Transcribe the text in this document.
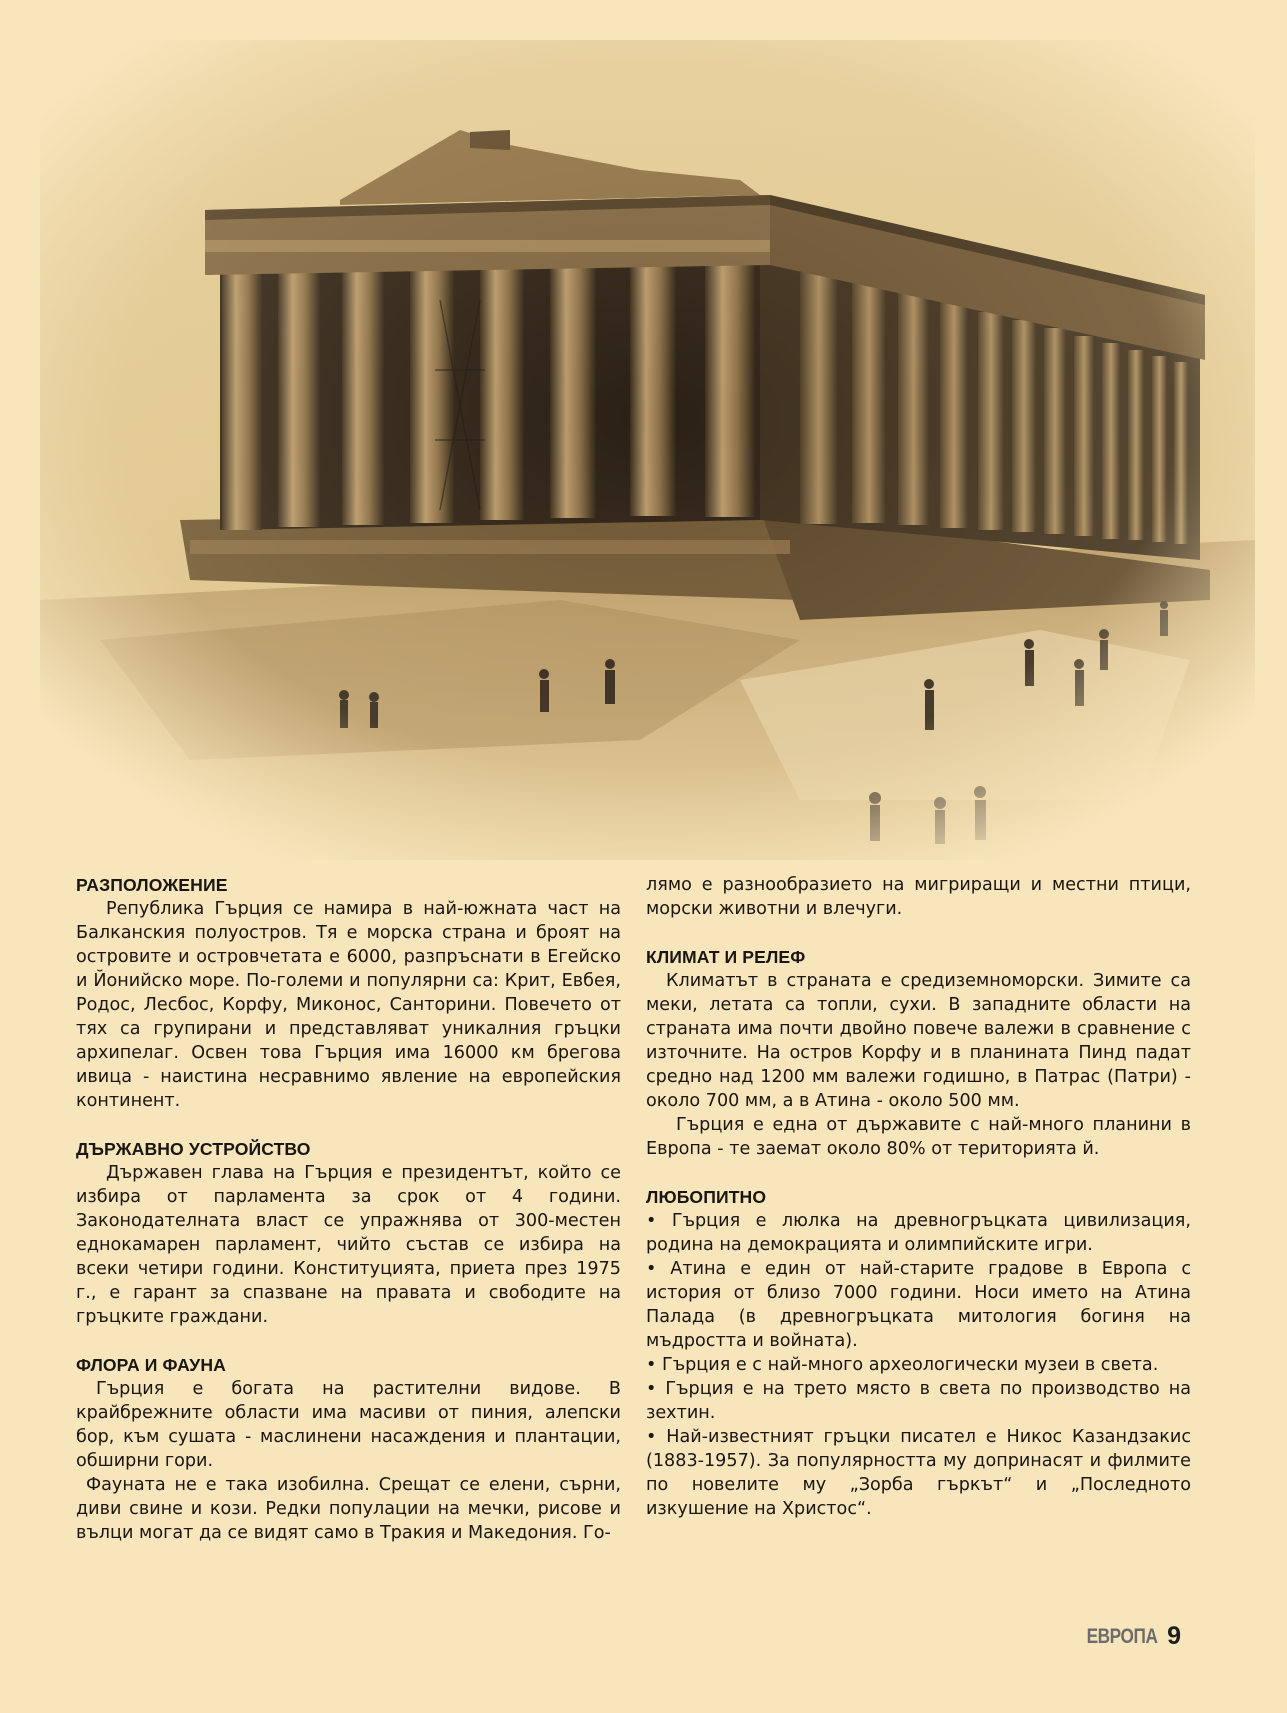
РАЗПОЛОЖЕНИЕ

Република Гърция се намира в най-южната част на Балканския полуостров. Тя е морска страна и броят на островите и островчетата е 6000, разпръснати в Егейско и Йонийско море. По-големи и популярни са: Крит, Евбея, Родос, Лесбос, Корфу, Миконос, Санторини. Повечето от тях са групирани и представляват уникалния гръцки архипелаг. Освен това Гърция има 16000 км брегова ивица - наистина несравнимо явление на европейския континент.

ДЪРЖАВНО УСТРОЙСТВО

Държавен глава на Гърция е президентът, който се избира от парламента за срок от 4 години. Законодателната власт се упражнява от 300-местен еднокамарен парламент, чийто състав се избира на всеки четири години. Конституцията, приета през 1975 г., е гарант за спазване на правата и свободите на гръцките граждани.

ФЛОРА И ФАУНА

Гърция е богата на растителни видове. В крайбрежните области има масиви от пиния, алепски бор, към сушата - маслинени насаждения и плантации, обширни гори.

Фауната не е така изобилна. Срещат се елени, сърни, диви свине и кози. Редки популации на мечки, рисове и вълци могат да се видят само в Тракия и Македония. Го-

лямо е разнообразието на мигриращи и местни птици, морски животни и влечуги.

КЛИМАТ И РЕЛЕФ

Климатът в страната е средиземноморски. Зимите са меки, летата са топли, сухи. В западните области на страната има почти двойно повече валежи в сравнение с източните. На остров Корфу и в планината Пинд падат средно над 1200 мм валежи годишно, в Патрас (Патри) - около 700 мм, а в Атина - около 500 мм.

Гърция е една от държавите с най-много планини в Европа - те заемат около 80% от територията й.

ЛЮБОПИТНО

• Гърция е люлка на древногръцката цивилизация, родина на демокрацията и олимпийските игри.

• Атина е един от най-старите градове в Европа с история от близо 7000 години. Носи името на Атина Палада (в древногръцката митология богиня на мъдростта и войната).

• Гърция е с най-много археологически музеи в света.

• Гърция е на трето място в света по производство на зехтин.

• Най-известният гръцки писател е Никос Казандзакис (1883-1957). За популярността му допринасят и филмите по новелите му „Зорба гъркът“ и „Последното изкушение на Христос“.

ЕВРОПА 9
